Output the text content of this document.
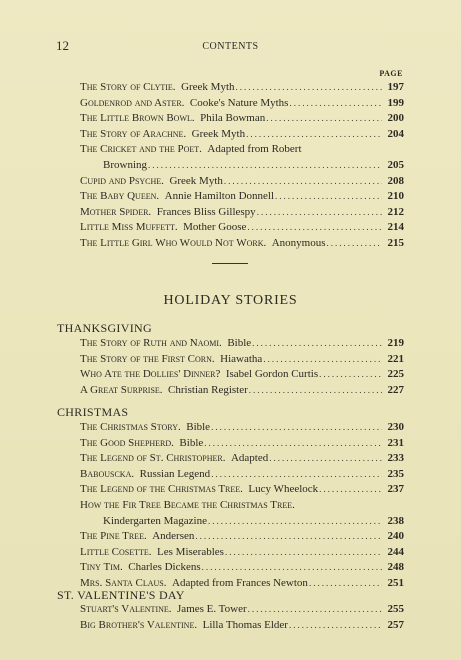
12	CONTENTS
PAGE
The Story of Clytie. Greek Myth .....	197
Goldenrod and Aster. Cooke's Nature Myths .....	199
The Little Brown Bowl. Phila Bowman .....	200
The Story of Arachne. Greek Myth .....	204
The Cricket and the Poet. Adapted from Robert
Browning .....	205
Cupid and Psyche. Greek Myth .....	208
The Baby Queen. Annie Hamilton Donnell .....	210
Mother Spider. Frances Bliss Gillespy .....	212
Little Miss Muffett. Mother Goose .....	214
The Little Girl Who Would Not Work. Anonymous .....	215
HOLIDAY STORIES
THANKSGIVING
The Story of Ruth and Naomi. Bible .....	219
The Story of the First Corn. Hiawatha .....	221
Who Ate the Dollies' Dinner? Isabel Gordon Curtis .....	225
A Great Surprise. Christian Register .....	227
CHRISTMAS
The Christmas Story. Bible .....	230
The Good Shepherd. Bible .....	231
The Legend of St. Christopher. Adapted .....	233
Babouscka. Russian Legend .....	235
The Legend of the Christmas Tree. Lucy Wheelock .....	237
How the Fir Tree Became the Christmas Tree.
Kindergarten Magazine .....	238
The Pine Tree. Andersen .....	240
Little Cosette. Les Miserables .....	244
Tiny Tim. Charles Dickens .....	248
Mrs. Santa Claus. Adapted from Frances Newton .....	251
ST. VALENTINE'S DAY
Stuart's Valentine. James E. Tower .....	255
Big Brother's Valentine. Lilla Thomas Elder .....	257
